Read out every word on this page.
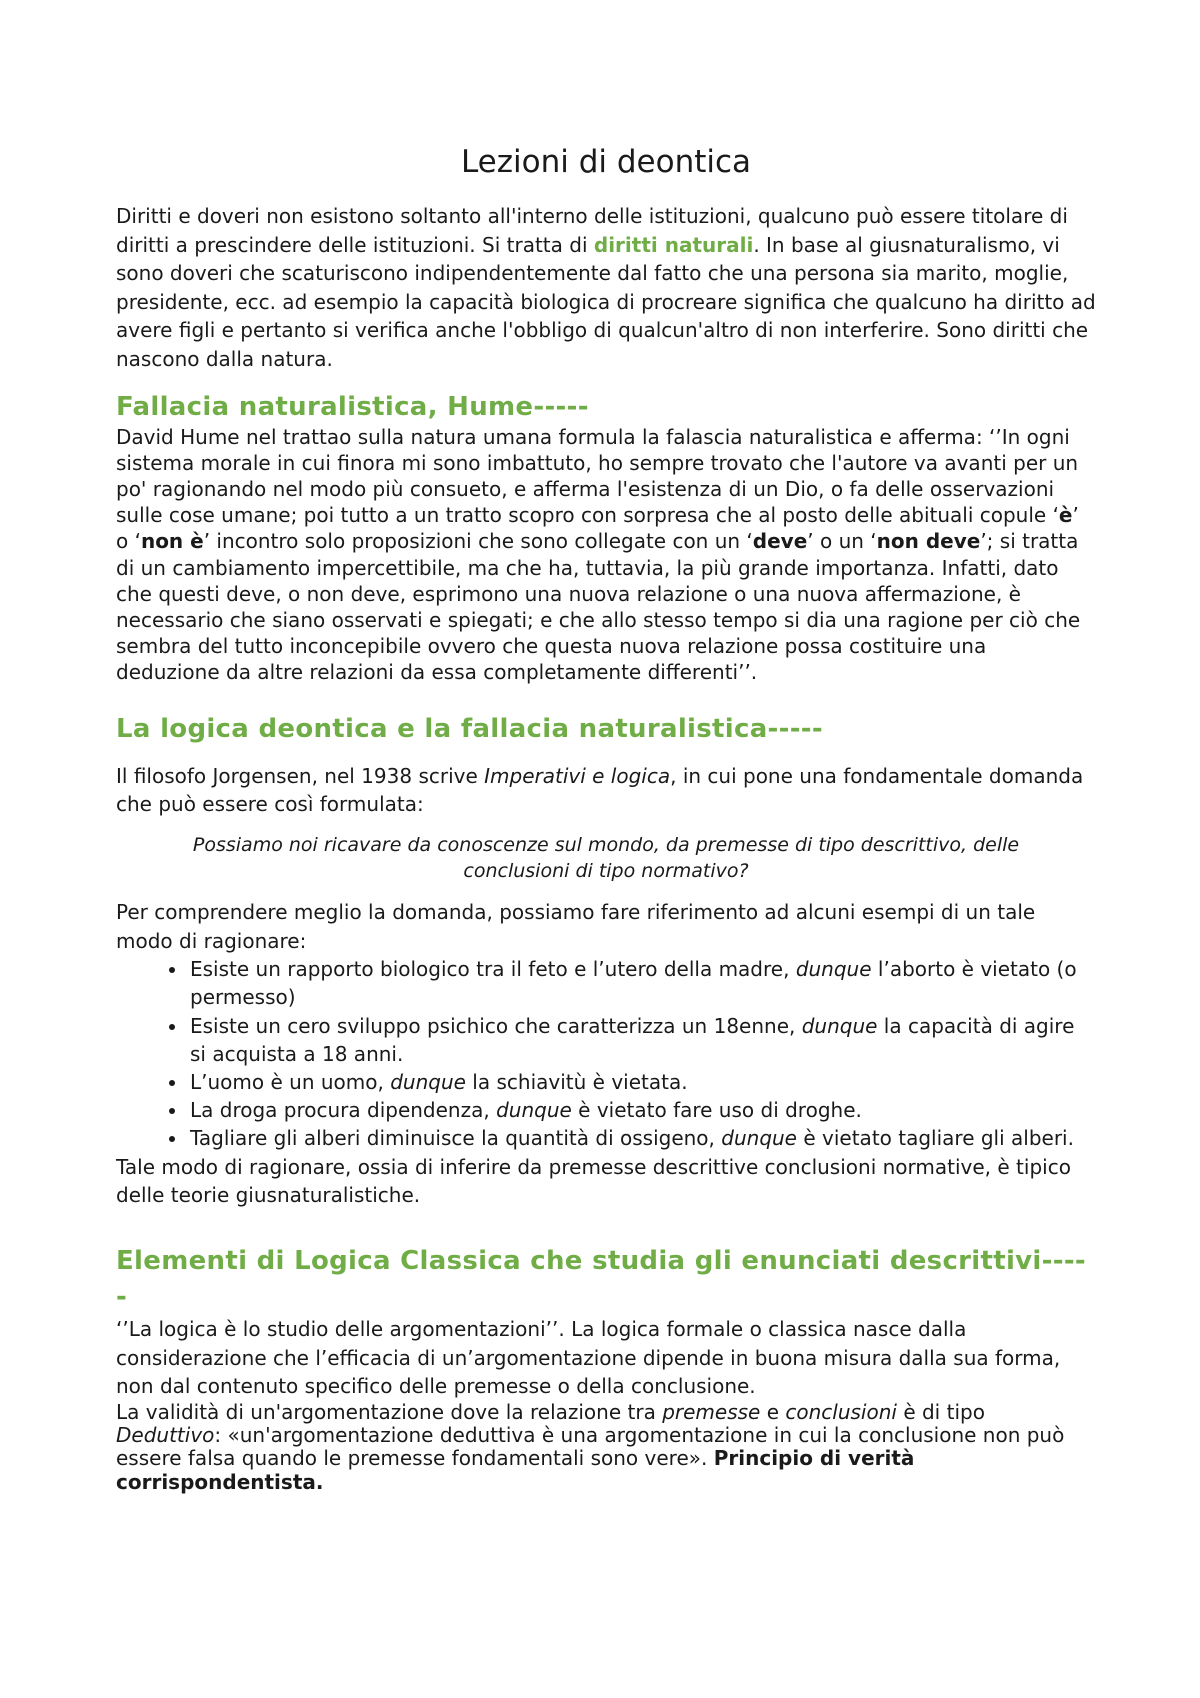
Lezioni di deontica

Diritti e doveri non esistono soltanto all'interno delle istituzioni, qualcuno può essere titolare di diritti a prescindere delle istituzioni. Si tratta di diritti naturali. In base al giusnaturalismo, vi sono doveri che scaturiscono indipendentemente dal fatto che una persona sia marito, moglie, presidente, ecc. ad esempio la capacità biologica di procreare significa che qualcuno ha diritto ad avere figli e pertanto si verifica anche l'obbligo di qualcun'altro di non interferire. Sono diritti che nascono dalla natura.

Fallacia naturalistica, Hume-----

David Hume nel trattao sulla natura umana formula la falascia naturalistica e afferma: ‘’In ogni sistema morale in cui finora mi sono imbattuto, ho sempre trovato che l'autore va avanti per un po' ragionando nel modo più consueto, e afferma l'esistenza di un Dio, o fa delle osservazioni sulle cose umane; poi tutto a un tratto scopro con sorpresa che al posto delle abituali copule ‘è’ o ‘non è’ incontro solo proposizioni che sono collegate con un ‘deve’ o un ‘non deve’; si tratta di un cambiamento impercettibile, ma che ha, tuttavia, la più grande importanza. Infatti, dato che questi deve, o non deve, esprimono una nuova relazione o una nuova affermazione, è necessario che siano osservati e spiegati; e che allo stesso tempo si dia una ragione per ciò che sembra del tutto inconcepibile ovvero che questa nuova relazione possa costituire una deduzione da altre relazioni da essa completamente differenti’’.

La logica deontica e la fallacia naturalistica-----

Il filosofo Jorgensen, nel 1938 scrive Imperativi e logica, in cui pone una fondamentale domanda che può essere così formulata:

Possiamo noi ricavare da conoscenze sul mondo, da premesse di tipo descrittivo, delle conclusioni di tipo normativo?

Per comprendere meglio la domanda, possiamo fare riferimento ad alcuni esempi di un tale modo di ragionare:

• Esiste un rapporto biologico tra il feto e l’utero della madre, dunque l’aborto è vietato (o permesso)
• Esiste un cero sviluppo psichico che caratterizza un 18enne, dunque la capacità di agire si acquista a 18 anni.
• L’uomo è un uomo, dunque la schiavitù è vietata.
• La droga procura dipendenza, dunque è vietato fare uso di droghe.
• Tagliare gli alberi diminuisce la quantità di ossigeno, dunque è vietato tagliare gli alberi.

Tale modo di ragionare, ossia di inferire da premesse descrittive conclusioni normative, è tipico delle teorie giusnaturalistiche.

Elementi di Logica Classica che studia gli enunciati descrittivi-----

‘’La logica è lo studio delle argomentazioni’’. La logica formale o classica nasce dalla considerazione che l’efficacia di un’argomentazione dipende in buona misura dalla sua forma, non dal contenuto specifico delle premesse o della conclusione.

La validità di un'argomentazione dove la relazione tra premesse e conclusioni è di tipo Deduttivo: «un'argomentazione deduttiva è una argomentazione in cui la conclusione non può essere falsa quando le premesse fondamentali sono vere». Principio di verità corrispondentista.
